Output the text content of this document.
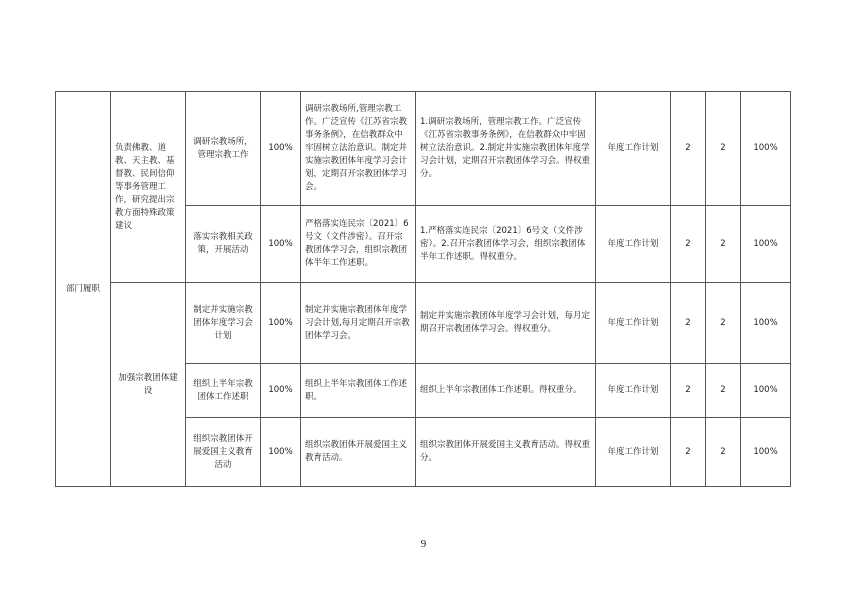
部门履职	负责佛教、道教、天主教、基督教、民间信仰等事务管理工作，研究提出宗教方面特殊政策建议	调研宗教场所，管理宗教工作	100%	调研宗教场所,管理宗教工作。广泛宣传《江苏省宗教事务条例》，在信教群众中牢固树立法治意识。制定并实施宗教团体年度学习会计划，定期召开宗教团体学习会。	1.调研宗教场所，管理宗教工作。广泛宣传《江苏省宗教事务条例》，在信教群众中牢固树立法治意识。2.制定并实施宗教团体年度学习会计划，定期召开宗教团体学习会。得权重分。	年度工作计划	2	2	100%
		落实宗教相关政策，开展活动	100%	严格落实连民宗〔2021〕6号文（文件涉密）。召开宗教团体学习会，组织宗教团体半年工作述职。	1.严格落实连民宗〔2021〕6号文（文件涉密）。2.召开宗教团体学习会，组织宗教团体半年工作述职。得权重分。	年度工作计划	2	2	100%
	加强宗教团体建设	制定并实施宗教团体年度学习会计划	100%	制定并实施宗教团体年度学习会计划,每月定期召开宗教团体学习会。	制定并实施宗教团体年度学习会计划，每月定期召开宗教团体学习会。得权重分。	年度工作计划	2	2	100%
		组织上半年宗教团体工作述职	100%	组织上半年宗教团体工作述职。	组织上半年宗教团体工作述职。得权重分。	年度工作计划	2	2	100%
		组织宗教团体开展爱国主义教育活动	100%	组织宗教团体开展爱国主义教育活动。	组织宗教团体开展爱国主义教育活动。得权重分。	年度工作计划	2	2	100%
9
